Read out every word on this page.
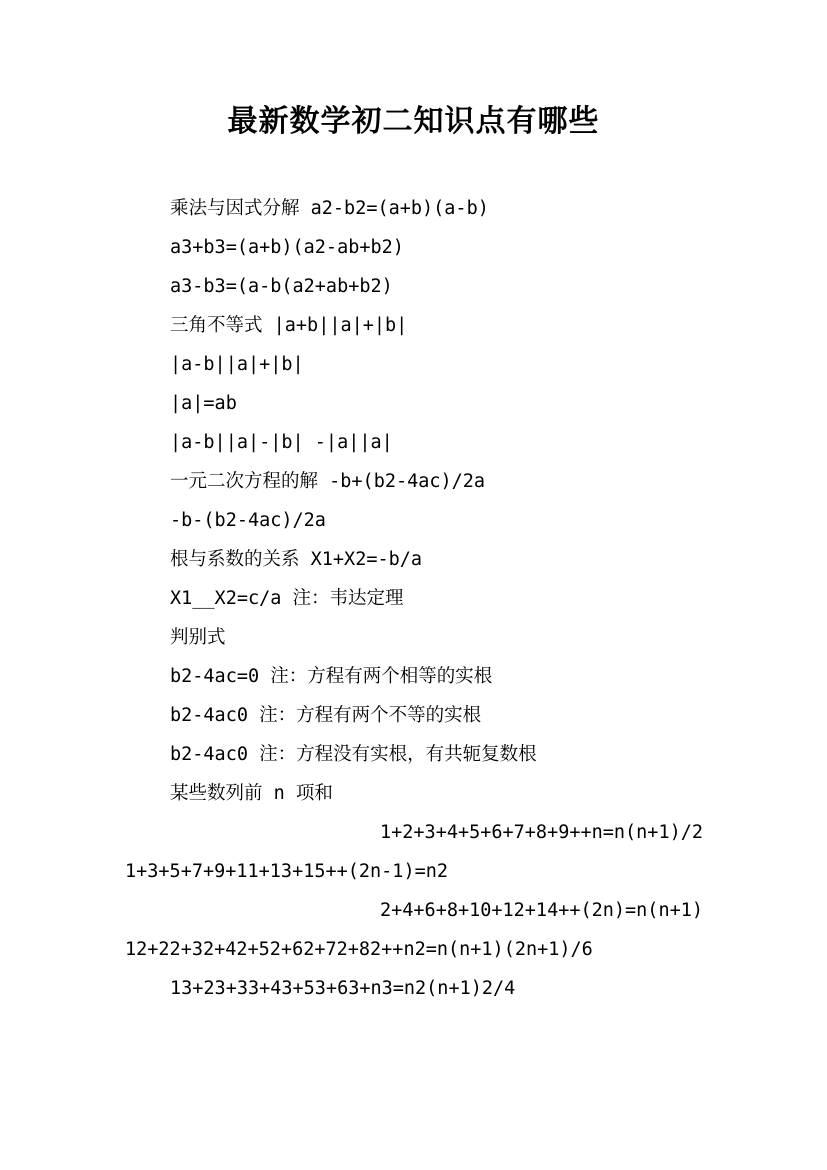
最新数学初二知识点有哪些
乘法与因式分解 a2-b2=(a+b)(a-b)
a3+b3=(a+b)(a2-ab+b2)
a3-b3=(a-b(a2+ab+b2)
三角不等式 |a+b||a|+|b|
|a-b||a|+|b|
|a|=ab
|a-b||a|-|b| -|a||a|
一元二次方程的解 -b+(b2-4ac)/2a
-b-(b2-4ac)/2a
根与系数的关系 X1+X2=-b/a
X1__X2=c/a 注：韦达定理
判别式
b2-4ac=0 注：方程有两个相等的实根
b2-4ac0 注：方程有两个不等的实根
b2-4ac0 注：方程没有实根，有共轭复数根
某些数列前 n 项和
1+2+3+4+5+6+7+8+9++n=n(n+1)/2
1+3+5+7+9+11+13+15++(2n-1)=n2
2+4+6+8+10+12+14++(2n)=n(n+1)
12+22+32+42+52+62+72+82++n2=n(n+1)(2n+1)/6
13+23+33+43+53+63+n3=n2(n+1)2/4
